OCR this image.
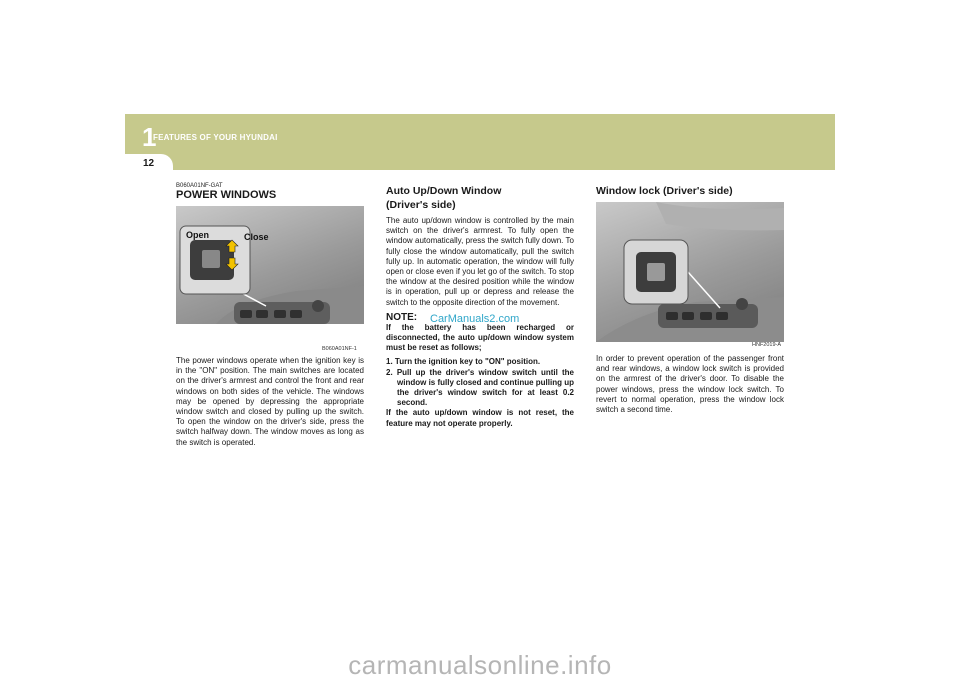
1
FEATURES OF YOUR HYUNDAI
12
B060A01NF-GAT
POWER WINDOWS
Open	Close
B060A01NF-1

The power windows operate when the ignition key is in the "ON" position. The main switches are located on the driver's armrest and control the front and rear windows on both sides of the vehicle. The windows may be opened by depressing the appropriate window switch and closed by pulling up the switch. To open the window on the driver's side, press the switch halfway down. The window moves as long as the switch is operated.

Auto Up/Down Window
(Driver's side)

The auto up/down window is controlled by the main switch on the driver's armrest. To fully open the window automatically, press the switch fully down. To fully close the window automatically, pull the switch fully up. In automatic operation, the window will fully open or close even if you let go of the switch. To stop the window at the desired position while the window is in operation, pull up or depress and release the switch to the opposite direction of the movement.

NOTE:

If the battery has been recharged or disconnected, the auto up/down window system must be reset as follows;

1. Turn the ignition key to "ON" position.
2. Pull up the driver's window switch until the window is fully closed and continue pulling up the driver's window switch for at least 0.2 second.

If the auto up/down window is not reset, the feature may not operate properly.

CarManuals2.com
Window lock (Driver's side)
HNF2019-A

In order to prevent operation of the passenger front and rear windows, a window lock switch is provided on the armrest of the driver's door. To disable the power windows, press the window lock switch. To revert to normal operation, press the window lock switch a second time.

carmanualsonline.info
